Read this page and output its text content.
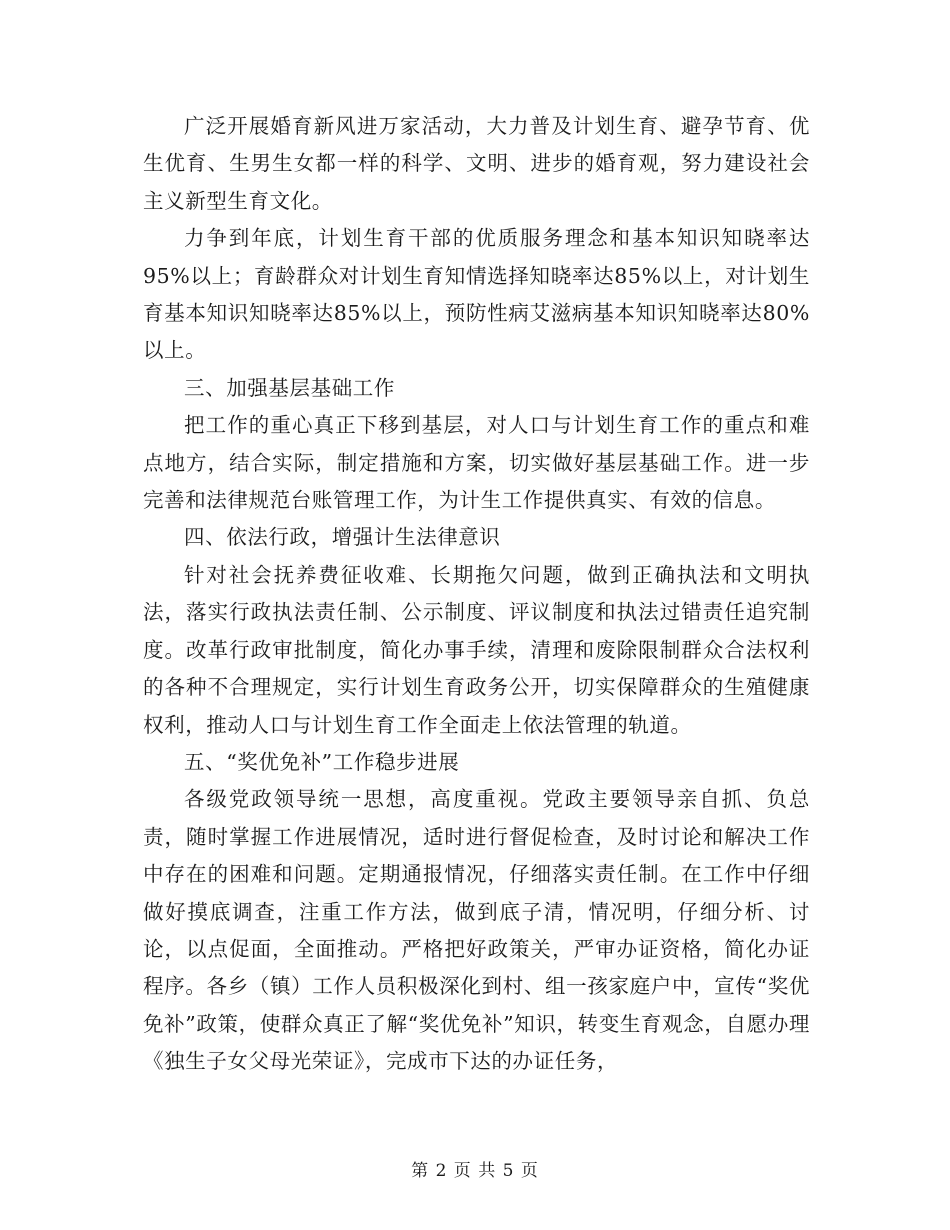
广泛开展婚育新风进万家活动，大力普及计划生育、避孕节育、优生优育、生男生女都一样的科学、文明、进步的婚育观，努力建设社会主义新型生育文化。

力争到年底，计划生育干部的优质服务理念和基本知识知晓率达95%以上；育龄群众对计划生育知情选择知晓率达85%以上，对计划生育基本知识知晓率达85%以上，预防性病艾滋病基本知识知晓率达80%以上。

三、加强基层基础工作

把工作的重心真正下移到基层，对人口与计划生育工作的重点和难点地方，结合实际，制定措施和方案，切实做好基层基础工作。进一步完善和法律规范台账管理工作，为计生工作提供真实、有效的信息。

四、依法行政，增强计生法律意识

针对社会抚养费征收难、长期拖欠问题，做到正确执法和文明执法，落实行政执法责任制、公示制度、评议制度和执法过错责任追究制度。改革行政审批制度，简化办事手续，清理和废除限制群众合法权利的各种不合理规定，实行计划生育政务公开，切实保障群众的生殖健康权利，推动人口与计划生育工作全面走上依法管理的轨道。

五、“奖优免补”工作稳步进展

各级党政领导统一思想，高度重视。党政主要领导亲自抓、负总责，随时掌握工作进展情况，适时进行督促检查，及时讨论和解决工作中存在的困难和问题。定期通报情况，仔细落实责任制。在工作中仔细做好摸底调查，注重工作方法，做到底子清，情况明，仔细分析、讨论，以点促面，全面推动。严格把好政策关，严审办证资格，简化办证程序。各乡（镇）工作人员积极深化到村、组一孩家庭户中，宣传“奖优免补”政策，使群众真正了解“奖优免补”知识，转变生育观念，自愿办理《独生子女父母光荣证》，完成市下达的办证任务，

第 2 页 共 5 页
